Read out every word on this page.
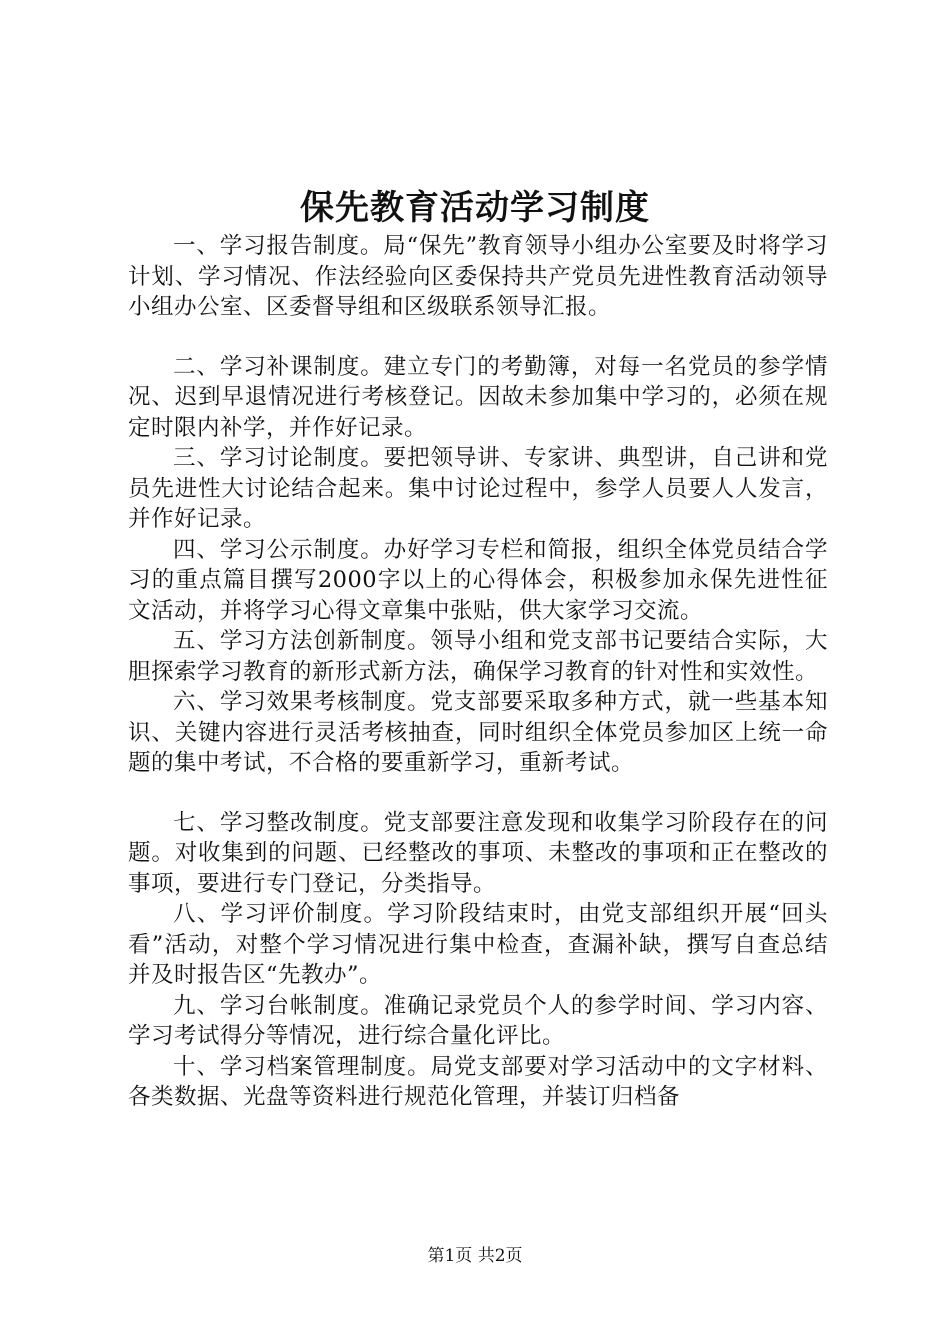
保先教育活动学习制度

一、学习报告制度。局“保先”教育领导小组办公室要及时将学习计划、学习情况、作法经验向区委保持共产党员先进性教育活动领导小组办公室、区委督导组和区级联系领导汇报。

二、学习补课制度。建立专门的考勤簿，对每一名党员的参学情况、迟到早退情况进行考核登记。因故未参加集中学习的，必须在规定时限内补学，并作好记录。

三、学习讨论制度。要把领导讲、专家讲、典型讲，自己讲和党员先进性大讨论结合起来。集中讨论过程中，参学人员要人人发言，并作好记录。

四、学习公示制度。办好学习专栏和简报，组织全体党员结合学习的重点篇目撰写2000字以上的心得体会，积极参加永保先进性征文活动，并将学习心得文章集中张贴，供大家学习交流。

五、学习方法创新制度。领导小组和党支部书记要结合实际，大胆探索学习教育的新形式新方法，确保学习教育的针对性和实效性。

六、学习效果考核制度。党支部要采取多种方式，就一些基本知识、关键内容进行灵活考核抽查，同时组织全体党员参加区上统一命题的集中考试，不合格的要重新学习，重新考试。

七、学习整改制度。党支部要注意发现和收集学习阶段存在的问题。对收集到的问题、已经整改的事项、未整改的事项和正在整改的事项，要进行专门登记，分类指导。

八、学习评价制度。学习阶段结束时，由党支部组织开展“回头看”活动，对整个学习情况进行集中检查，查漏补缺，撰写自查总结并及时报告区“先教办”。

九、学习台帐制度。准确记录党员个人的参学时间、学习内容、学习考试得分等情况，进行综合量化评比。

十、学习档案管理制度。局党支部要对学习活动中的文字材料、各类数据、光盘等资料进行规范化管理，并装订归档备

第1页 共2页
